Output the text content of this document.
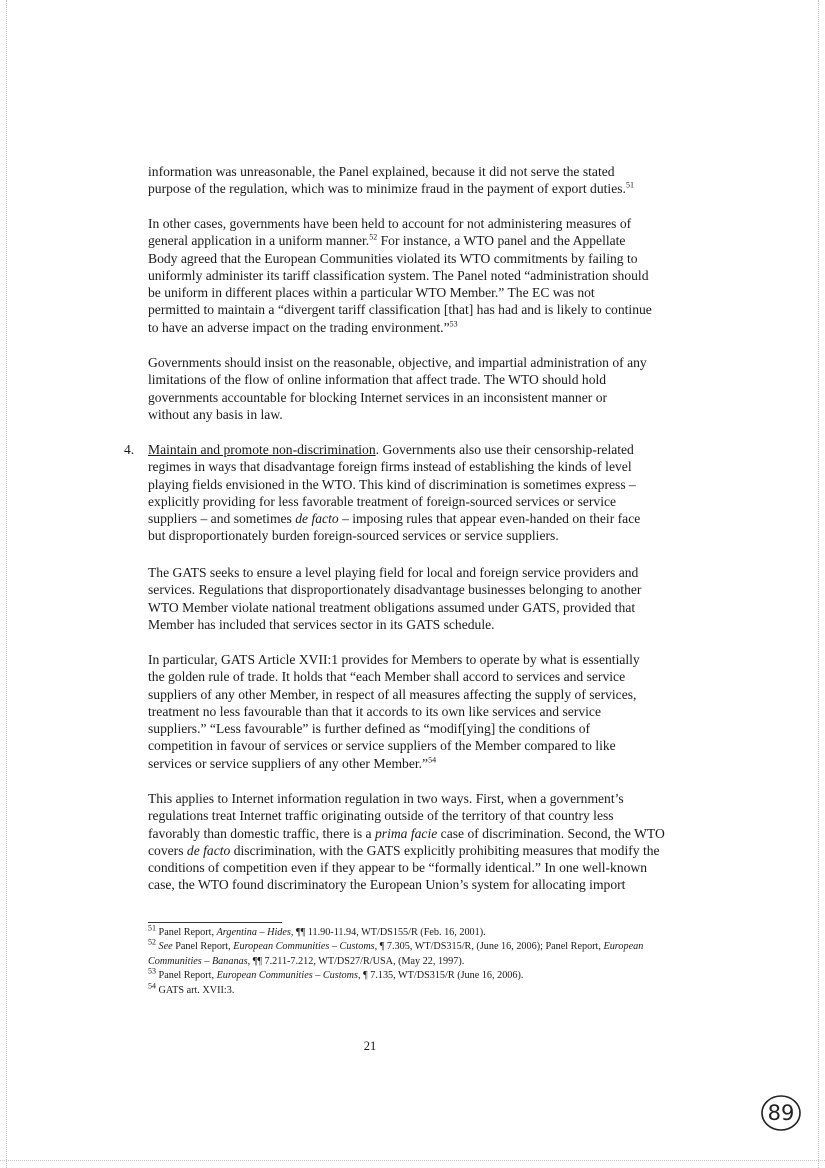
information was unreasonable, the Panel explained, because it did not serve the stated
purpose of the regulation, which was to minimize fraud in the payment of export duties.$^{51}$

In other cases, governments have been held to account for not administering measures of
general application in a uniform manner.$^{52}$ For instance, a WTO panel and the Appellate
Body agreed that the European Communities violated its WTO commitments by failing to
uniformly administer its tariff classification system. The Panel noted “administration should
be uniform in different places within a particular WTO Member.” The EC was not
permitted to maintain a “divergent tariff classification [that] has had and is likely to continue
to have an adverse impact on the trading environment.”$^{53}$

Governments should insist on the reasonable, objective, and impartial administration of any
limitations of the flow of online information that affect trade. The WTO should hold
governments accountable for blocking Internet services in an inconsistent manner or
without any basis in law.

4. Maintain and promote non-discrimination. Governments also use their censorship-related
regimes in ways that disadvantage foreign firms instead of establishing the kinds of level
playing fields envisioned in the WTO. This kind of discrimination is sometimes express –
explicitly providing for less favorable treatment of foreign-sourced services or service
suppliers – and sometimes de facto – imposing rules that appear even-handed on their face
but disproportionately burden foreign-sourced services or service suppliers.

The GATS seeks to ensure a level playing field for local and foreign service providers and
services. Regulations that disproportionately disadvantage businesses belonging to another
WTO Member violate national treatment obligations assumed under GATS, provided that
Member has included that services sector in its GATS schedule.

In particular, GATS Article XVII:1 provides for Members to operate by what is essentially
the golden rule of trade. It holds that “each Member shall accord to services and service
suppliers of any other Member, in respect of all measures affecting the supply of services,
treatment no less favourable than that it accords to its own like services and service
suppliers.” “Less favourable” is further defined as “modif[ying] the conditions of
competition in favour of services or service suppliers of the Member compared to like
services or service suppliers of any other Member.”$^{54}$

This applies to Internet information regulation in two ways. First, when a government’s
regulations treat Internet traffic originating outside of the territory of that country less
favorably than domestic traffic, there is a prima facie case of discrimination. Second, the WTO
covers de facto discrimination, with the GATS explicitly prohibiting measures that modify the
conditions of competition even if they appear to be “formally identical.” In one well-known
case, the WTO found discriminatory the European Union’s system for allocating import

$^{51}$ Panel Report, Argentina – Hides, ¶¶ 11.90-11.94, WT/DS155/R (Feb. 16, 2001).
$^{52}$ See Panel Report, European Communities – Customs, ¶ 7.305, WT/DS315/R, (June 16, 2006); Panel Report, European
Communities – Bananas, ¶¶ 7.211-7.212, WT/DS27/R/USA, (May 22, 1997).
$^{53}$ Panel Report, European Communities – Customs, ¶ 7.135, WT/DS315/R (June 16, 2006).
$^{54}$ GATS art. XVII:3.
21
89
